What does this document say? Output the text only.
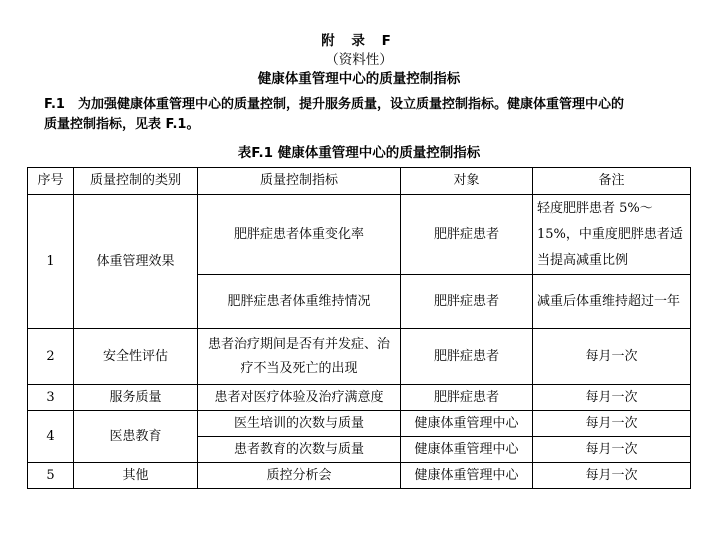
附 录 F
（资料性）
健康体重管理中心的质量控制指标
F.1　为加强健康体重管理中心的质量控制，提升服务质量，设立质量控制指标。健康体重管理中心的
质量控制指标，见表 F.1。
表F.1 健康体重管理中心的质量控制指标
序号	质量控制的类别	质量控制指标	对象	备注
1	体重管理效果	肥胖症患者体重变化率	肥胖症患者	轻度肥胖患者 5%～15%，中重度肥胖患者适当提高减重比例
		肥胖症患者体重维持情况	肥胖症患者	减重后体重维持超过一年
2	安全性评估	患者治疗期间是否有并发症、治疗不当及死亡的出现	肥胖症患者	每月一次
3	服务质量	患者对医疗体验及治疗满意度	肥胖症患者	每月一次
4	医患教育	医生培训的次数与质量	健康体重管理中心	每月一次
		患者教育的次数与质量	健康体重管理中心	每月一次
5	其他	质控分析会	健康体重管理中心	每月一次
